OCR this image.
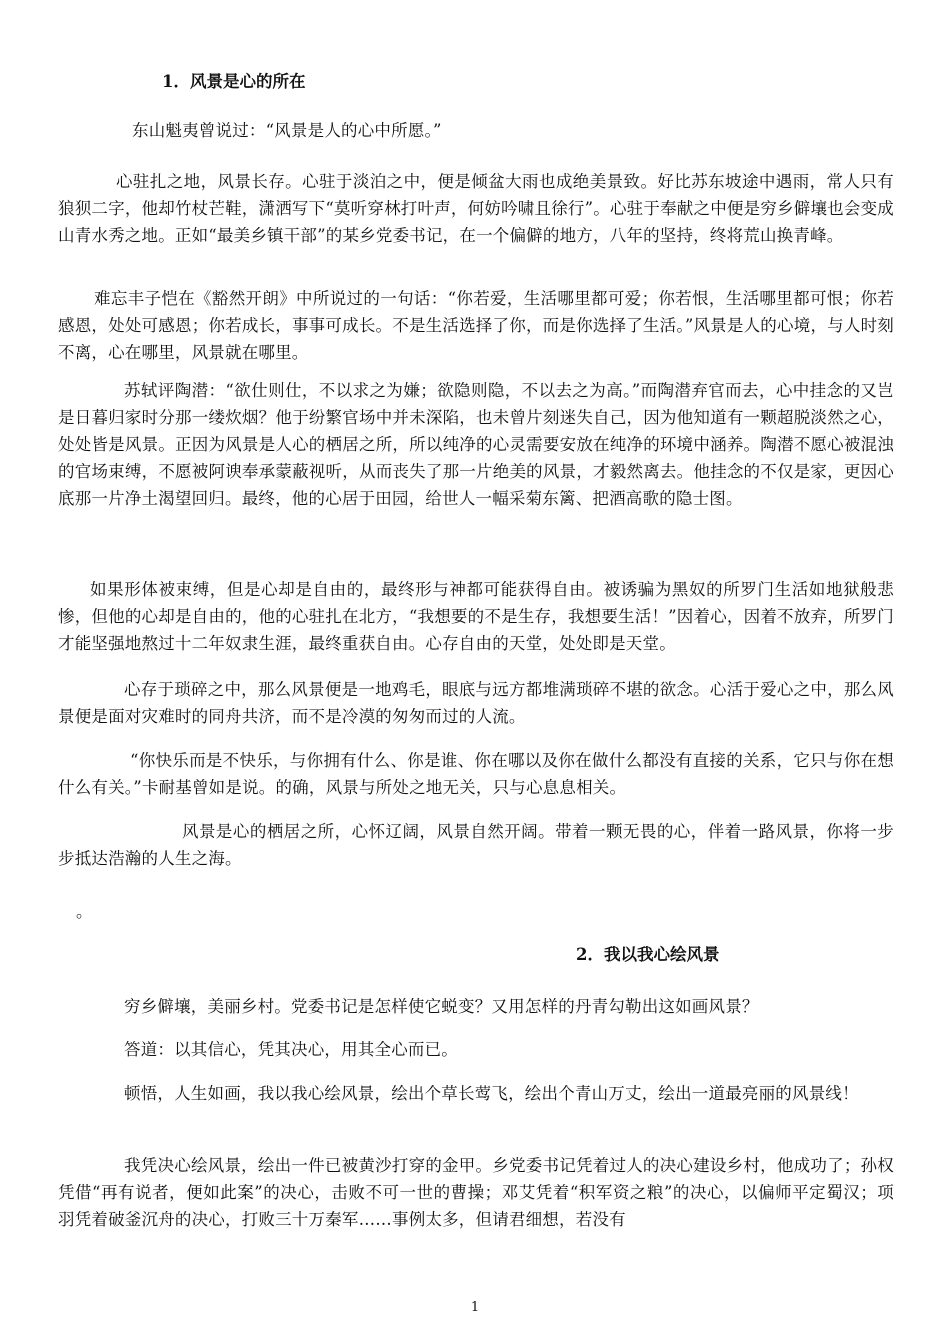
1．风景是心的所在

东山魁夷曾说过：“风景是人的心中所愿。”

心驻扎之地，风景长存。心驻于淡泊之中，便是倾盆大雨也成绝美景致。好比苏东坡途中遇雨，常人只有狼狈二字，他却竹杖芒鞋，潇洒写下“莫听穿林打叶声，何妨吟啸且徐行”。心驻于奉献之中便是穷乡僻壤也会变成山青水秀之地。正如“最美乡镇干部”的某乡党委书记，在一个偏僻的地方，八年的坚持，终将荒山换青峰。

难忘丰子恺在《豁然开朗》中所说过的一句话：“你若爱，生活哪里都可爱；你若恨，生活哪里都可恨；你若感恩，处处可感恩；你若成长，事事可成长。不是生活选择了你，而是你选择了生活。”风景是人的心境，与人时刻不离，心在哪里，风景就在哪里。

苏轼评陶潜：“欲仕则仕，不以求之为嫌；欲隐则隐，不以去之为高。”而陶潜弃官而去，心中挂念的又岂是日暮归家时分那一缕炊烟？他于纷繁官场中并未深陷，也未曾片刻迷失自己，因为他知道有一颗超脱淡然之心，处处皆是风景。正因为风景是人心的栖居之所，所以纯净的心灵需要安放在纯净的环境中涵养。陶潜不愿心被混浊的官场束缚，不愿被阿谀奉承蒙蔽视听，从而丧失了那一片绝美的风景，才毅然离去。他挂念的不仅是家，更因心底那一片净土渴望回归。最终，他的心居于田园，给世人一幅采菊东篱、把酒高歌的隐士图。

如果形体被束缚，但是心却是自由的，最终形与神都可能获得自由。被诱骗为黑奴的所罗门生活如地狱般悲惨，但他的心却是自由的，他的心驻扎在北方，“我想要的不是生存，我想要生活！”因着心，因着不放弃，所罗门才能坚强地熬过十二年奴隶生涯，最终重获自由。心存自由的天堂，处处即是天堂。

心存于琐碎之中，那么风景便是一地鸡毛，眼底与远方都堆满琐碎不堪的欲念。心活于爱心之中，那么风景便是面对灾难时的同舟共济，而不是冷漠的匆匆而过的人流。

“你快乐而是不快乐，与你拥有什么、你是谁、你在哪以及你在做什么都没有直接的关系，它只与你在想什么有关。”卡耐基曾如是说。的确，风景与所处之地无关，只与心息息相关。

风景是心的栖居之所，心怀辽阔，风景自然开阔。带着一颗无畏的心，伴着一路风景，你将一步步抵达浩瀚的人生之海。

。

2．我以我心绘风景

穷乡僻壤，美丽乡村。党委书记是怎样使它蜕变？又用怎样的丹青勾勒出这如画风景？

答道：以其信心，凭其决心，用其全心而已。

顿悟，人生如画，我以我心绘风景，绘出个草长莺飞，绘出个青山万丈，绘出一道最亮丽的风景线！

我凭决心绘风景，绘出一件已被黄沙打穿的金甲。乡党委书记凭着过人的决心建设乡村，他成功了；孙权凭借“再有说者，便如此案”的决心，击败不可一世的曹操；邓艾凭着“积军资之粮”的决心，以偏师平定蜀汉；项羽凭着破釜沉舟的决心，打败三十万秦军……事例太多，但请君细想，若没有

1
